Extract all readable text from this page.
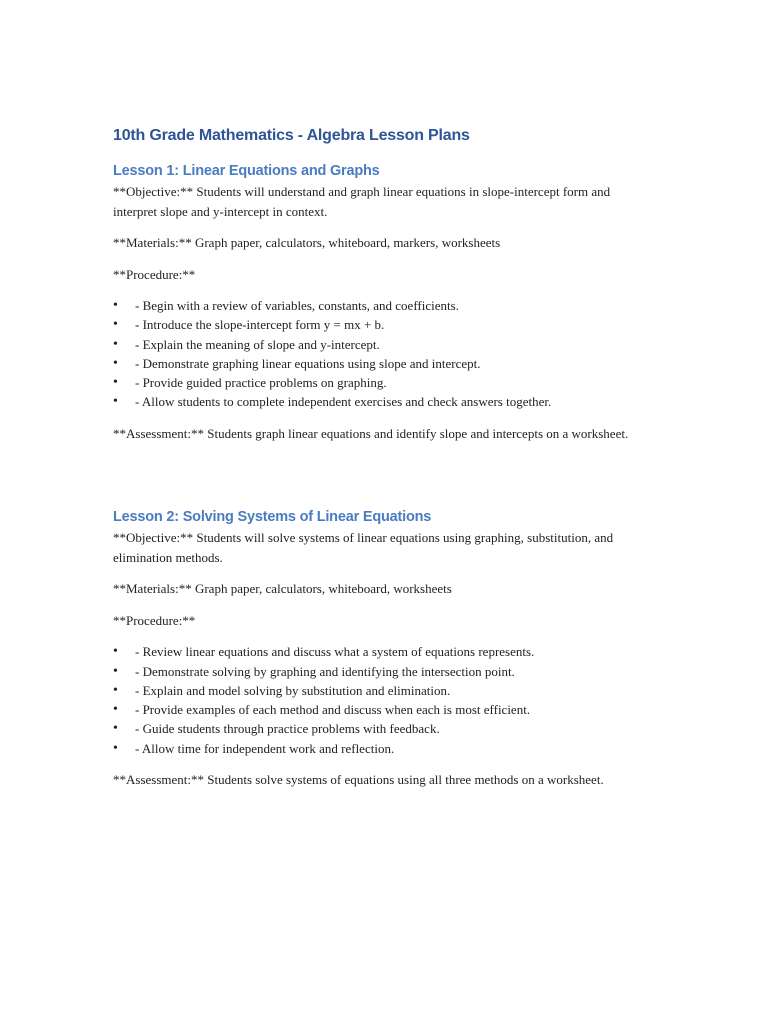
10th Grade Mathematics - Algebra Lesson Plans
Lesson 1: Linear Equations and Graphs

**Objective:** Students will understand and graph linear equations in slope-intercept form and interpret slope and y-intercept in context.

**Materials:** Graph paper, calculators, whiteboard, markers, worksheets

**Procedure:**

• - Begin with a review of variables, constants, and coefficients.
• - Introduce the slope-intercept form y = mx + b.
• - Explain the meaning of slope and y-intercept.
• - Demonstrate graphing linear equations using slope and intercept.
• - Provide guided practice problems on graphing.
• - Allow students to complete independent exercises and check answers together.

**Assessment:** Students graph linear equations and identify slope and intercepts on a worksheet.

Lesson 2: Solving Systems of Linear Equations

**Objective:** Students will solve systems of linear equations using graphing, substitution, and elimination methods.

**Materials:** Graph paper, calculators, whiteboard, worksheets

**Procedure:**

• - Review linear equations and discuss what a system of equations represents.
• - Demonstrate solving by graphing and identifying the intersection point.
• - Explain and model solving by substitution and elimination.
• - Provide examples of each method and discuss when each is most efficient.
• - Guide students through practice problems with feedback.
• - Allow time for independent work and reflection.

**Assessment:** Students solve systems of equations using all three methods on a worksheet.
